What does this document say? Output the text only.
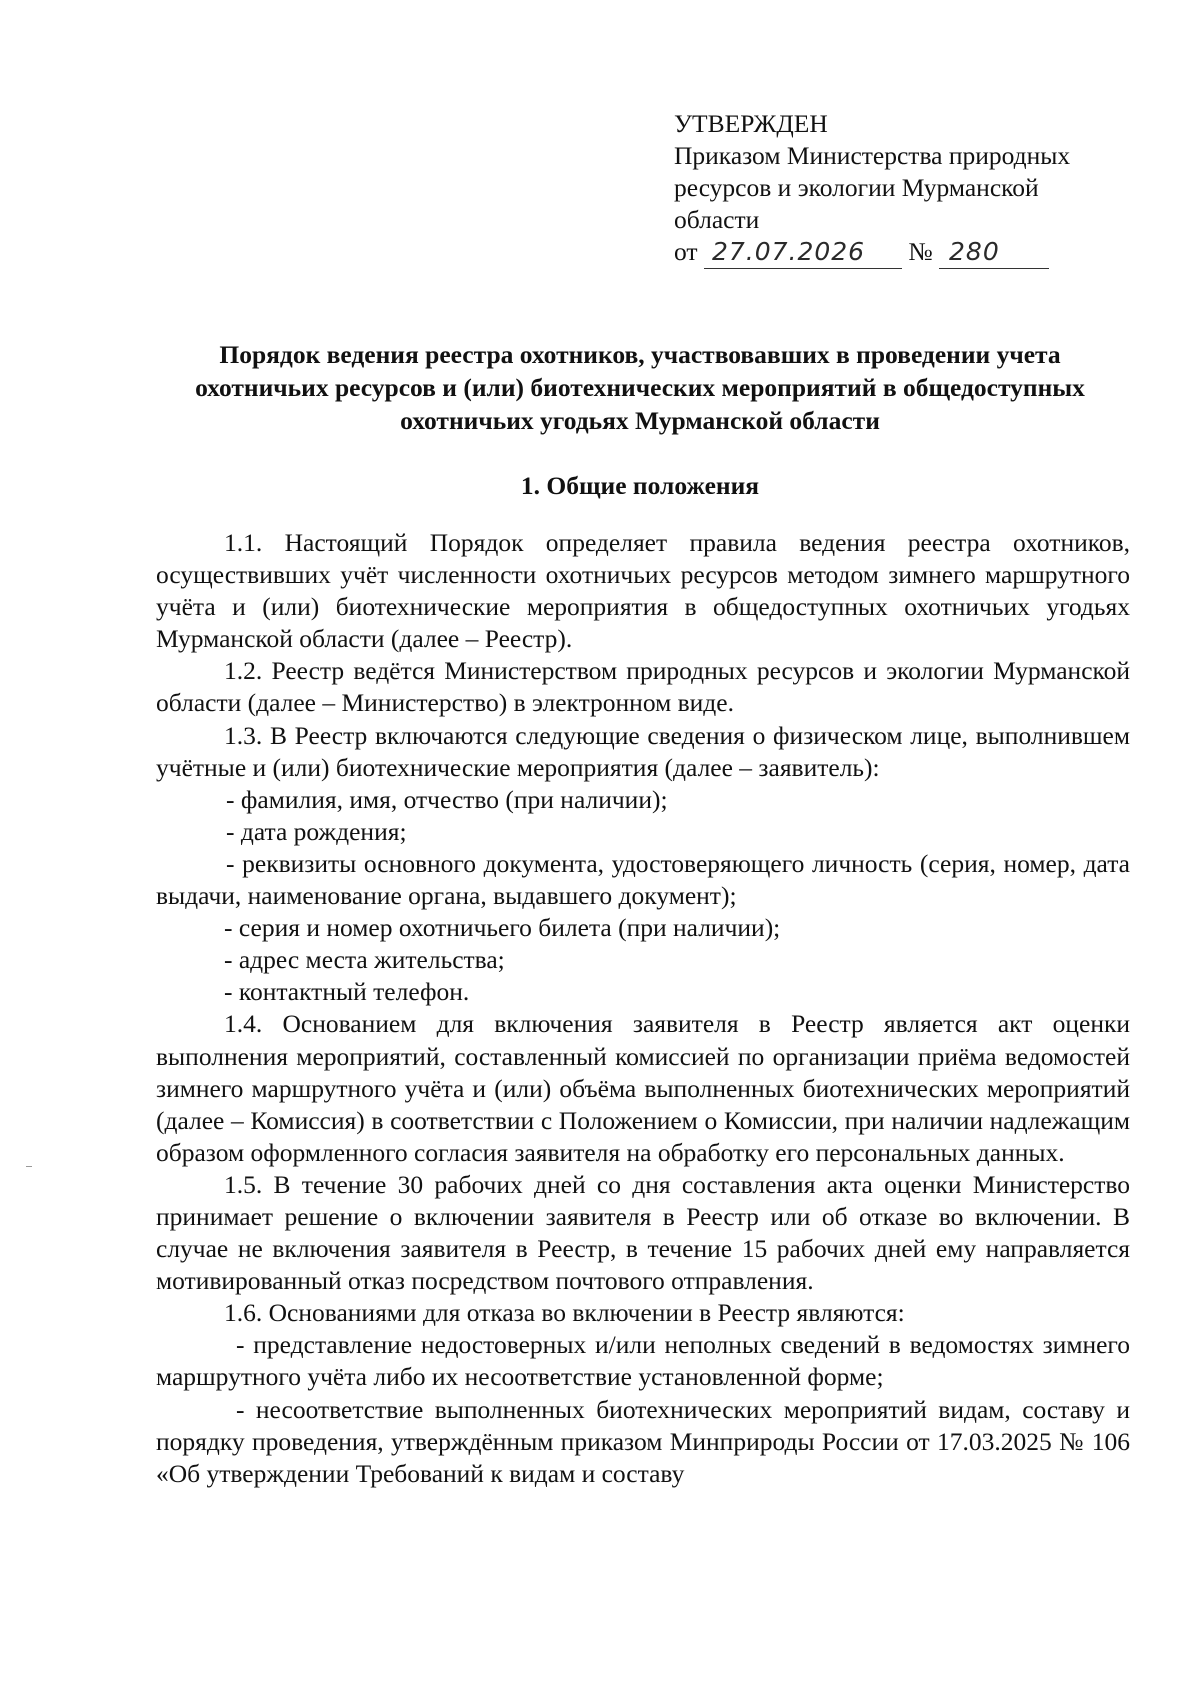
УТВЕРЖДЕН
Приказом Министерства природных
ресурсов и экологии Мурманской
области
от 27.07.2026 № 280
Порядок ведения реестра охотников, участвовавших в проведении учета охотничьих ресурсов и (или) биотехнических мероприятий в общедоступных охотничьих угодьях Мурманской области
1. Общие положения

1.1. Настоящий Порядок определяет правила ведения реестра охотников, осуществивших учёт численности охотничьих ресурсов методом зимнего маршрутного учёта и (или) биотехнические мероприятия в общедоступных охотничьих угодьях Мурманской области (далее – Реестр).

1.2. Реестр ведётся Министерством природных ресурсов и экологии Мурманской области (далее – Министерство) в электронном виде.

1.3. В Реестр включаются следующие сведения о физическом лице, выполнившем учётные и (или) биотехнические мероприятия (далее – заявитель):

- фамилия, имя, отчество (при наличии);

- дата рождения;

- реквизиты основного документа, удостоверяющего личность (серия, номер, дата выдачи, наименование органа, выдавшего документ);

- серия и номер охотничьего билета (при наличии);

- адрес места жительства;

- контактный телефон.

1.4. Основанием для включения заявителя в Реестр является акт оценки выполнения мероприятий, составленный комиссией по организации приёма ведомостей зимнего маршрутного учёта и (или) объёма выполненных биотехнических мероприятий (далее – Комиссия) в соответствии с Положением о Комиссии, при наличии надлежащим образом оформленного согласия заявителя на обработку его персональных данных.

1.5. В течение 30 рабочих дней со дня составления акта оценки Министерство принимает решение о включении заявителя в Реестр или об отказе во включении. В случае не включения заявителя в Реестр, в течение 15 рабочих дней ему направляется мотивированный отказ посредством почтового отправления.

1.6. Основаниями для отказа во включении в Реестр являются:

- представление недостоверных и/или неполных сведений в ведомостях зимнего маршрутного учёта либо их несоответствие установленной форме;

- несоответствие выполненных биотехнических мероприятий видам, составу и порядку проведения, утверждённым приказом Минприроды России от 17.03.2025 № 106 «Об утверждении Требований к видам и составу
